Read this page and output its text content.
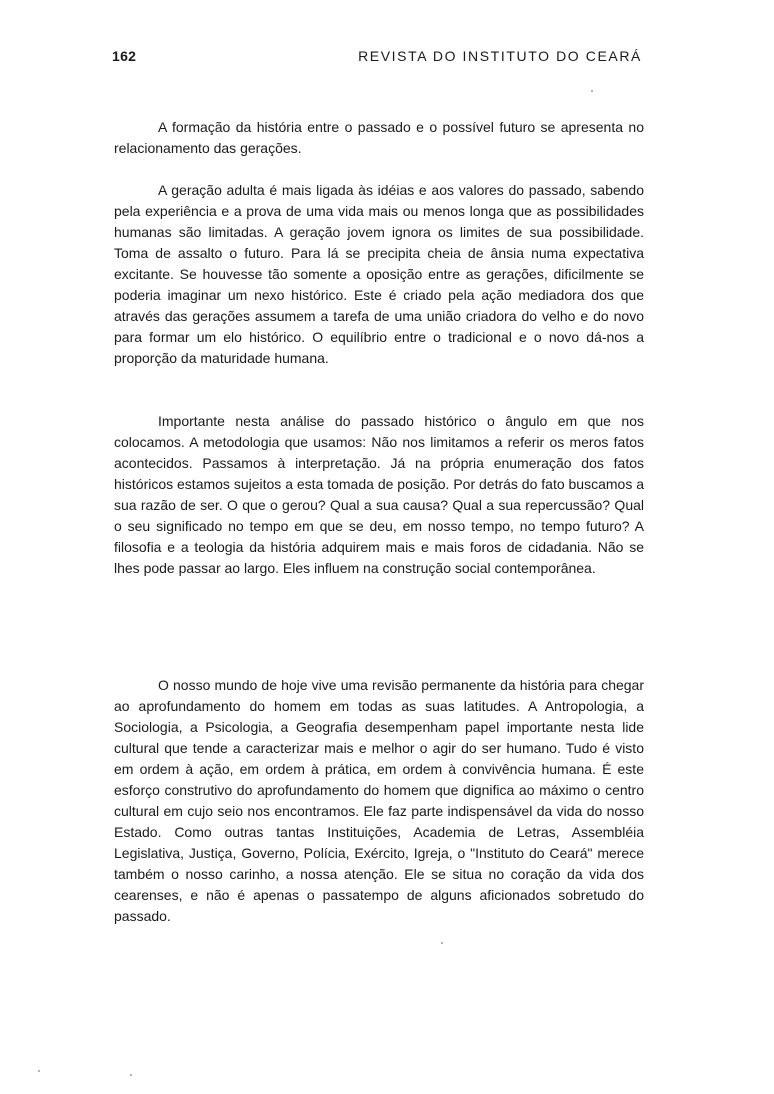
162	REVISTA DO INSTITUTO DO CEARÁ

A formação da história entre o passado e o possível futuro se apresenta no relacionamento das gerações.

A geração adulta é mais ligada às idéias e aos valores do passado, sabendo pela experiência e a prova de uma vida mais ou menos longa que as possibilidades humanas são limitadas. A geração jovem ignora os limites de sua possibilidade. Toma de assalto o futuro. Para lá se precipita cheia de ânsia numa expectativa excitante. Se houvesse tão somente a oposição entre as gerações, dificilmente se poderia imaginar um nexo histórico. Este é criado pela ação mediadora dos que através das gerações assumem a tarefa de uma união criadora do velho e do novo para formar um elo histórico. O equilíbrio entre o tradicional e o novo dá-nos a proporção da maturidade humana.

Importante nesta análise do passado histórico o ângulo em que nos colocamos. A metodologia que usamos: Não nos limitamos a referir os meros fatos acontecidos. Passamos à interpretação. Já na própria enumeração dos fatos históricos estamos sujeitos a esta tomada de posição. Por detrás do fato buscamos a sua razão de ser. O que o gerou? Qual a sua causa? Qual a sua repercussão? Qual o seu significado no tempo em que se deu, em nosso tempo, no tempo futuro? A filosofia e a teologia da história adquirem mais e mais foros de cidadania. Não se lhes pode passar ao largo. Eles influem na construção social contemporânea.

O nosso mundo de hoje vive uma revisão permanente da história para chegar ao aprofundamento do homem em todas as suas latitudes. A Antropologia, a Sociologia, a Psicologia, a Geografia desempenham papel importante nesta lide cultural que tende a caracterizar mais e melhor o agir do ser humano. Tudo é visto em ordem à ação, em ordem à prática, em ordem à convivência humana. É este esforço construtivo do aprofundamento do homem que dignifica ao máximo o centro cultural em cujo seio nos encontramos. Ele faz parte indispensável da vida do nosso Estado. Como outras tantas Instituições, Academia de Letras, Assembléia Legislativa, Justiça, Governo, Polícia, Exército, Igreja, o "Instituto do Ceará" merece também o nosso carinho, a nossa atenção. Ele se situa no coração da vida dos cearenses, e não é apenas o passatempo de alguns aficionados sobretudo do passado.
